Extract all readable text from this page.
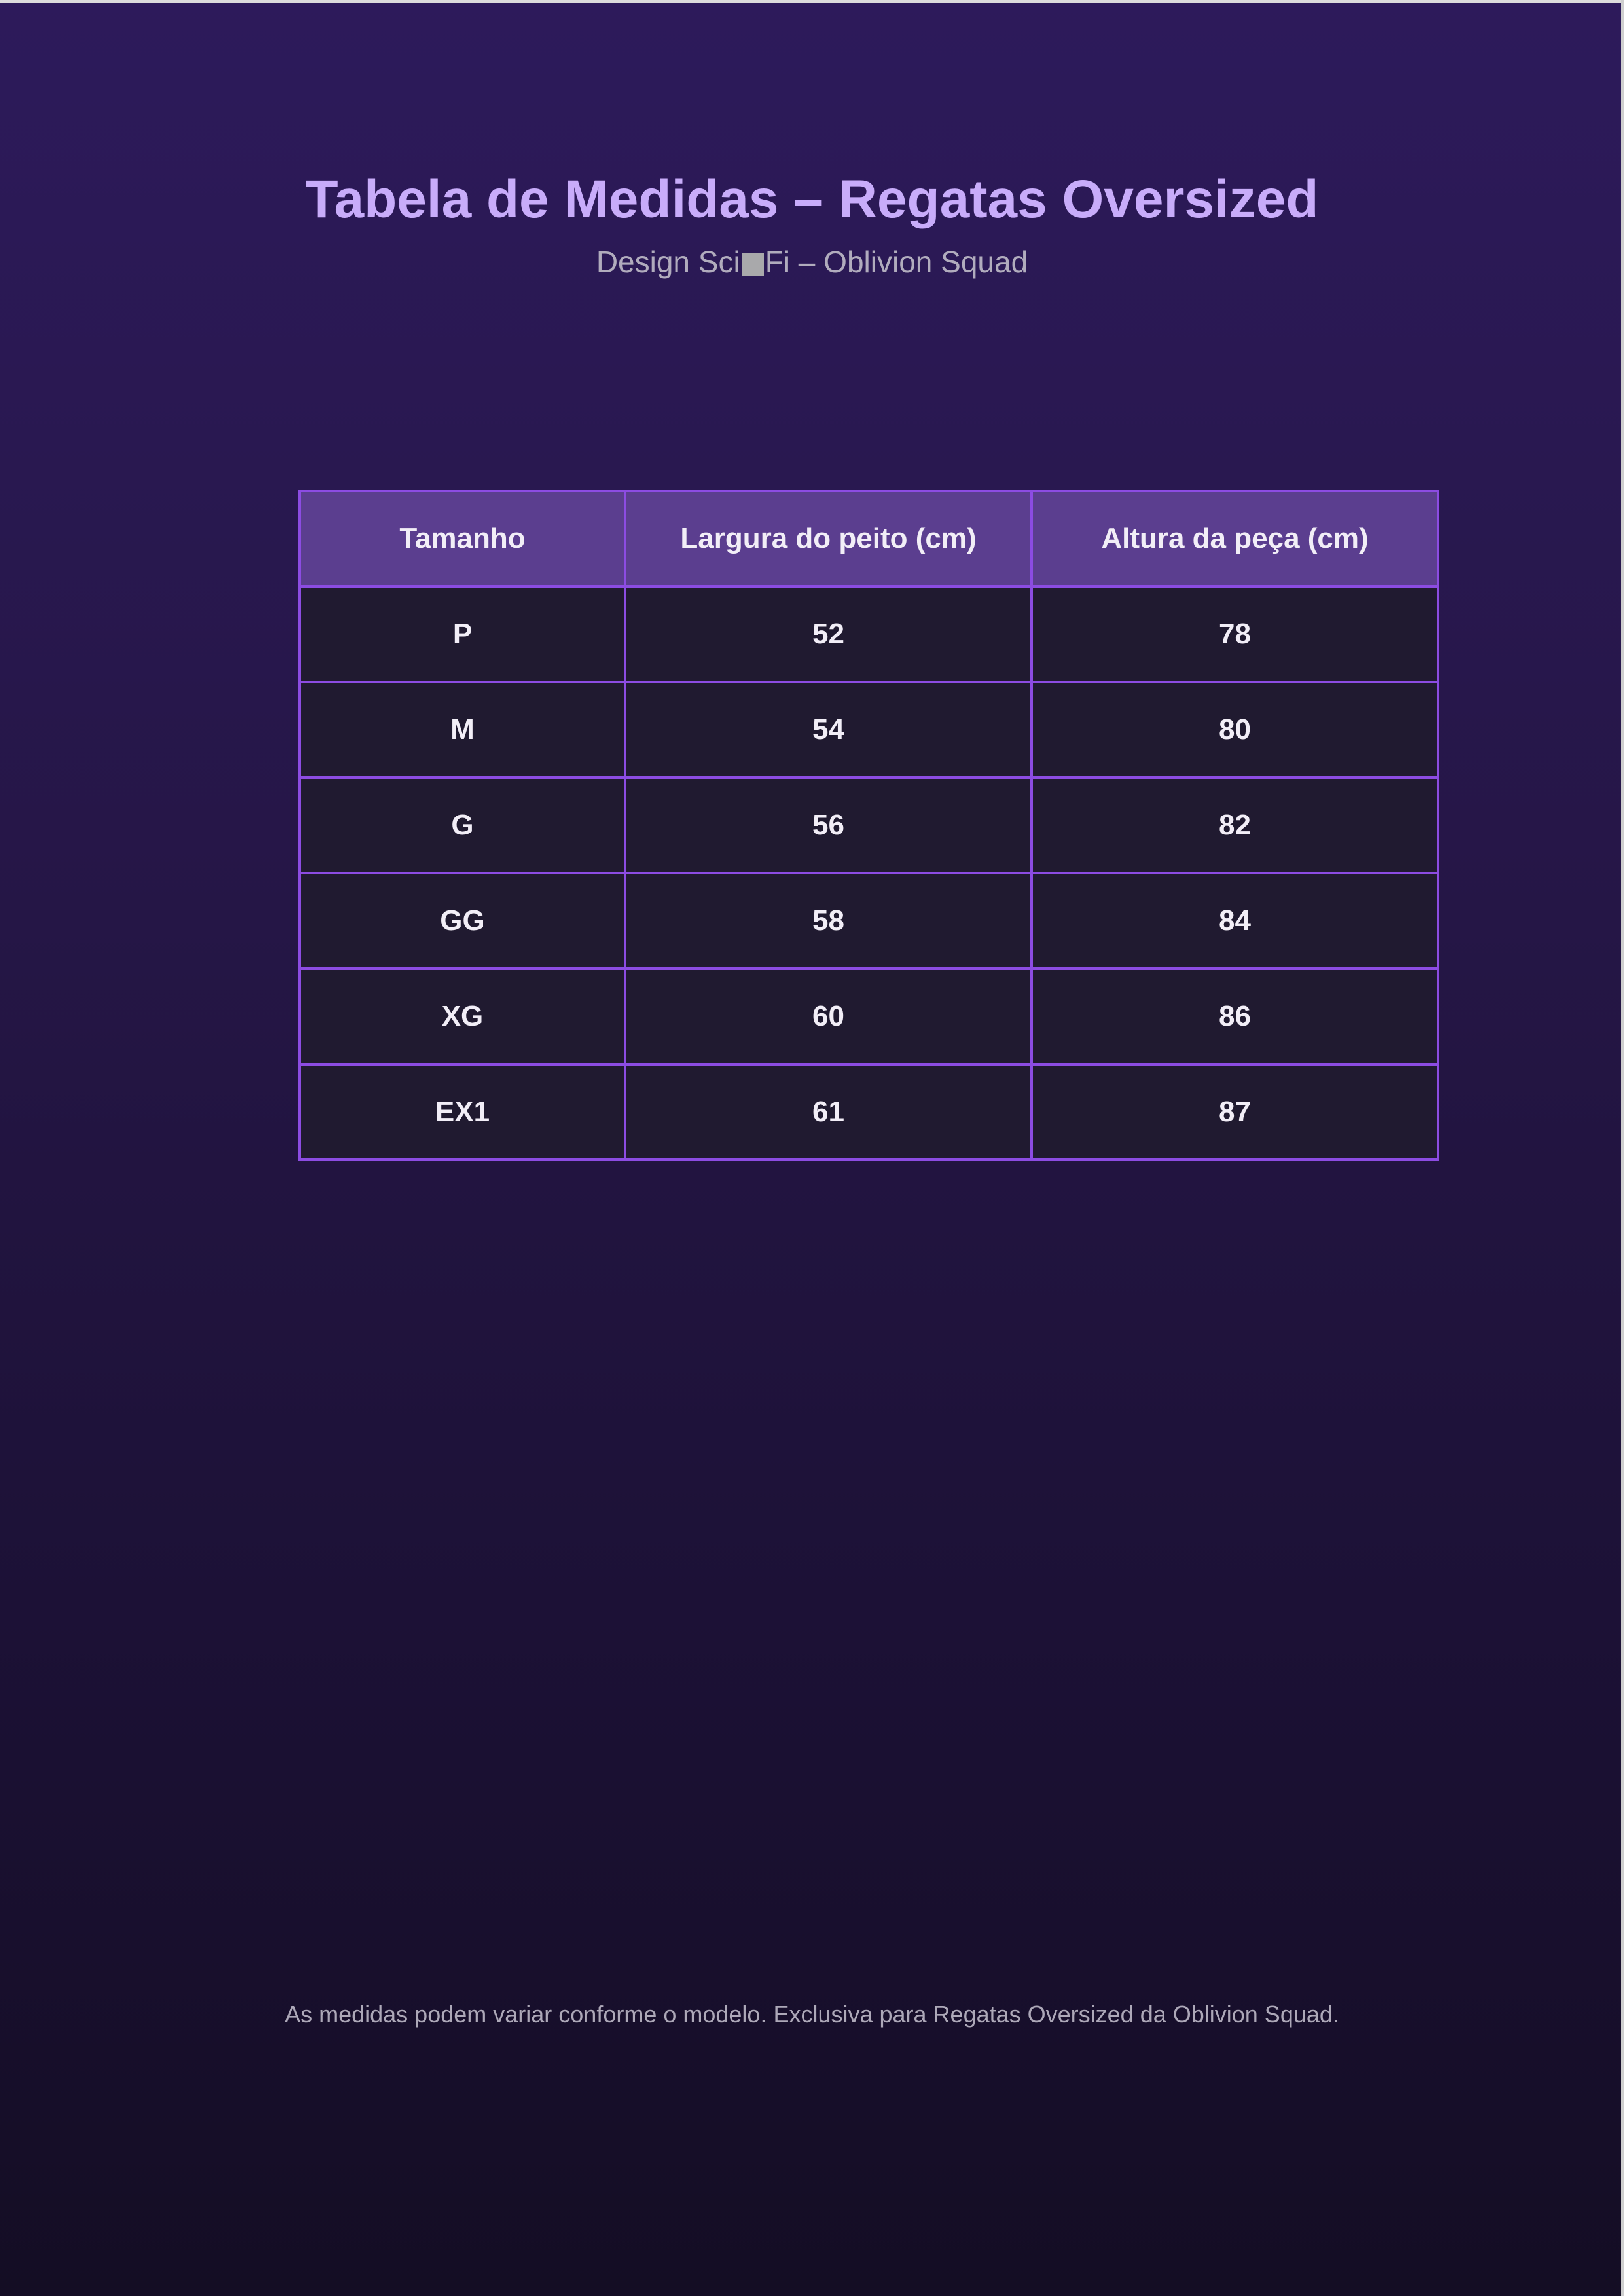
Tabela de Medidas – Regatas Oversized

Design Sci Fi – Oblivion Squad

Tamanho	Largura do peito (cm)	Altura da peça (cm)
P	52	78
M	54	80
G	56	82
GG	58	84
XG	60	86
EX1	61	87

As medidas podem variar conforme o modelo. Exclusiva para Regatas Oversized da Oblivion Squad.
